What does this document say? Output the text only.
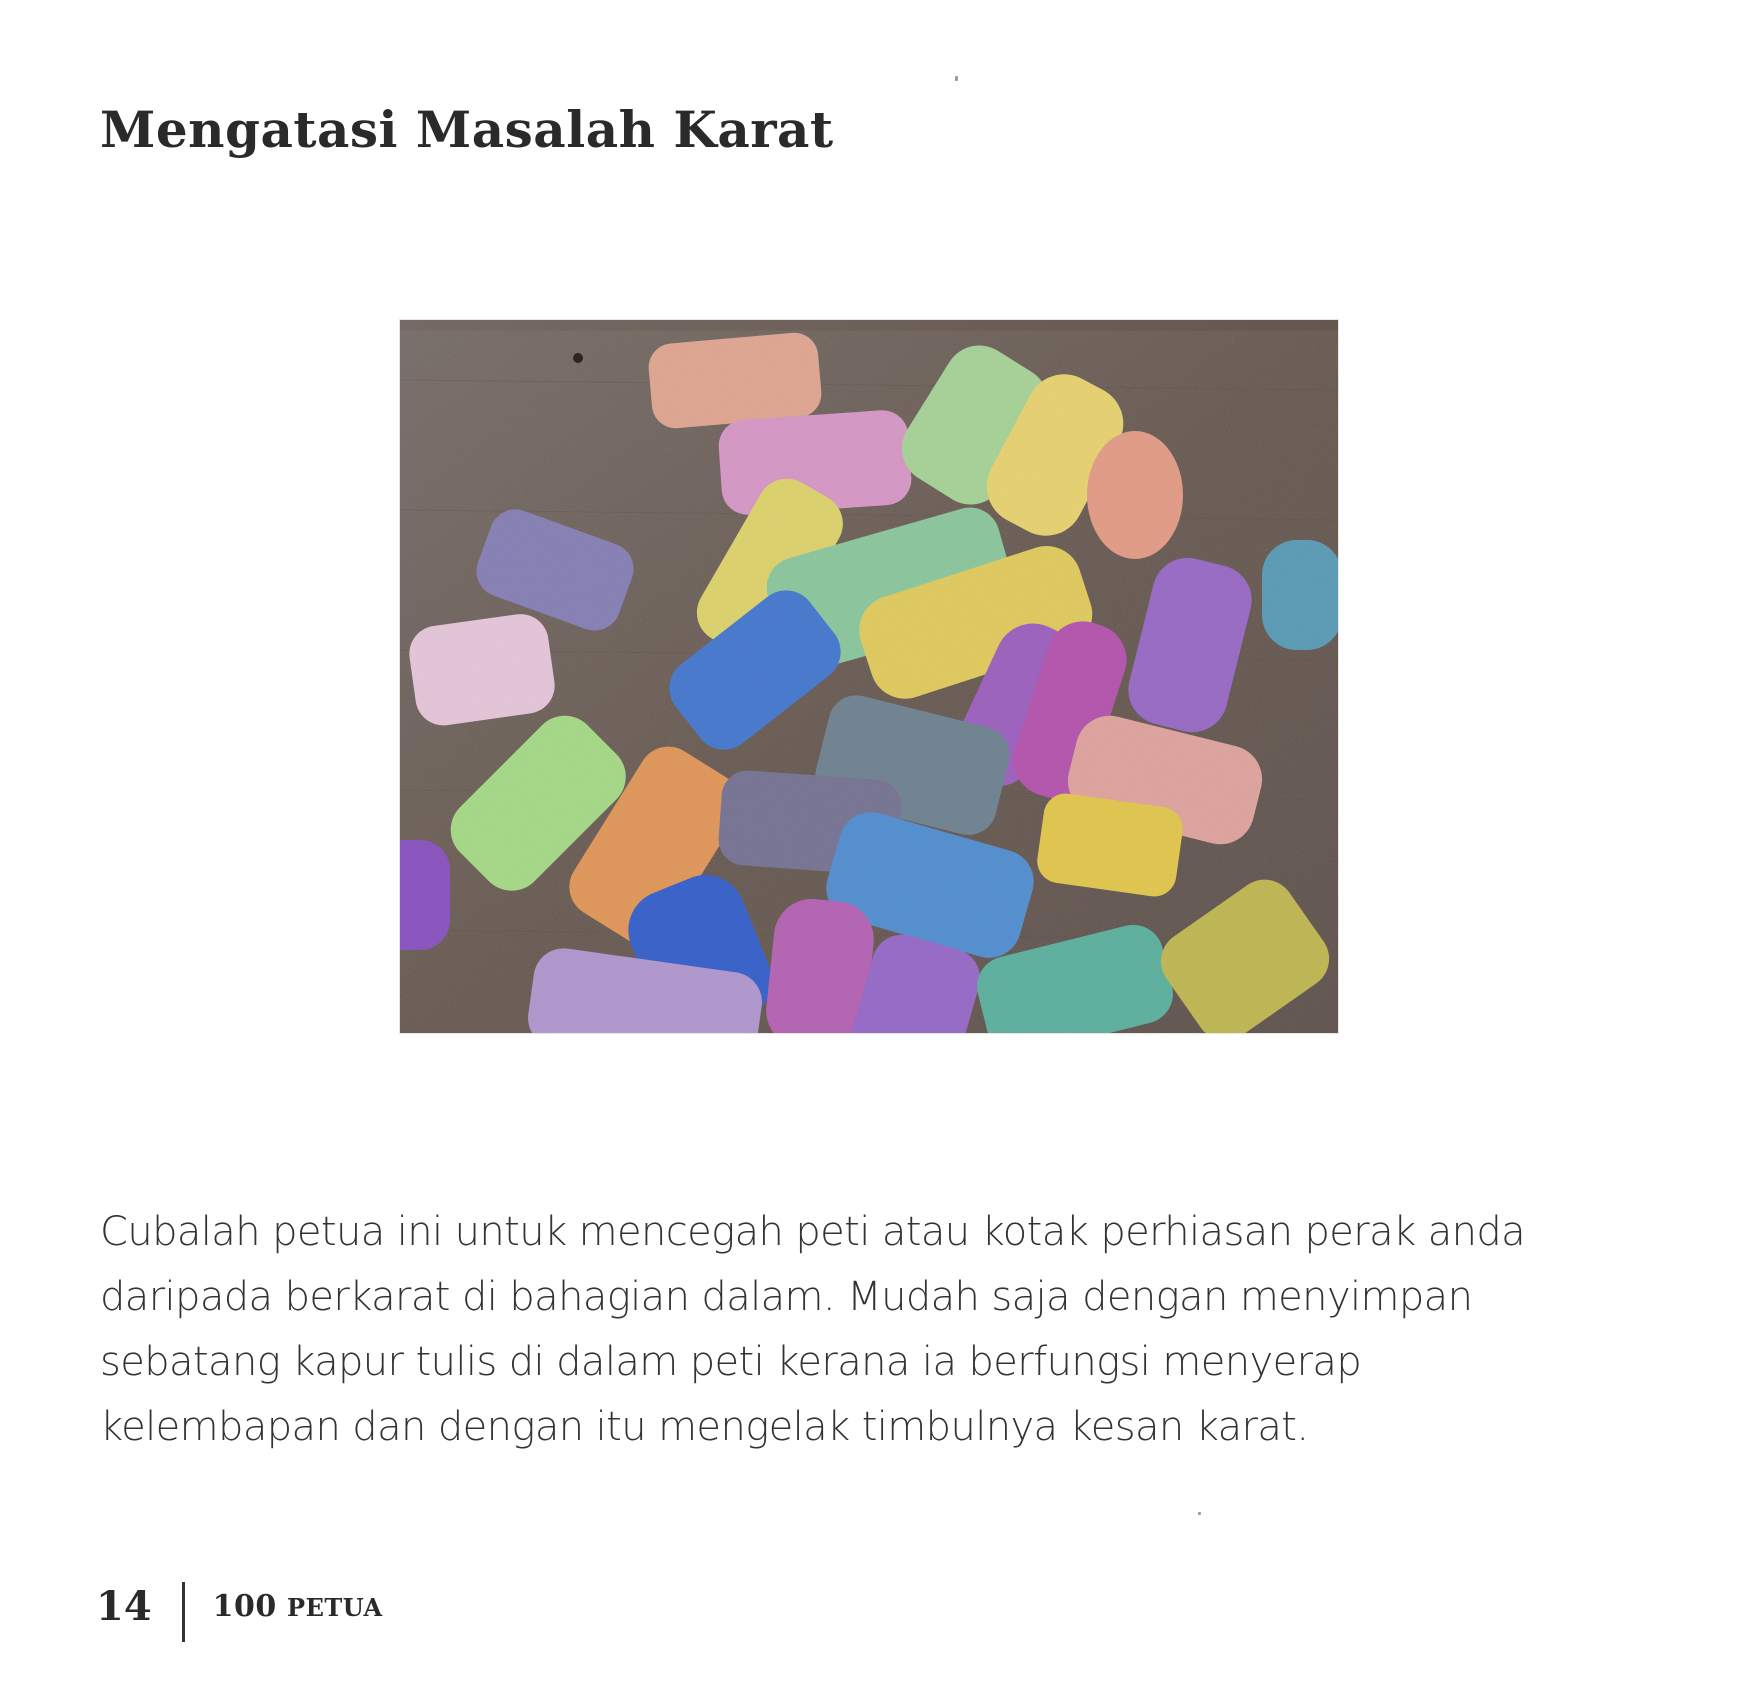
Mengatasi Masalah Karat

Cubalah petua ini untuk mencegah peti atau kotak perhiasan perak anda
daripada berkarat di bahagian dalam. Mudah saja dengan menyimpan
sebatang kapur tulis di dalam peti kerana ia berfungsi menyerap
kelembapan dan dengan itu mengelak timbulnya kesan karat.

14 100 PETUA
